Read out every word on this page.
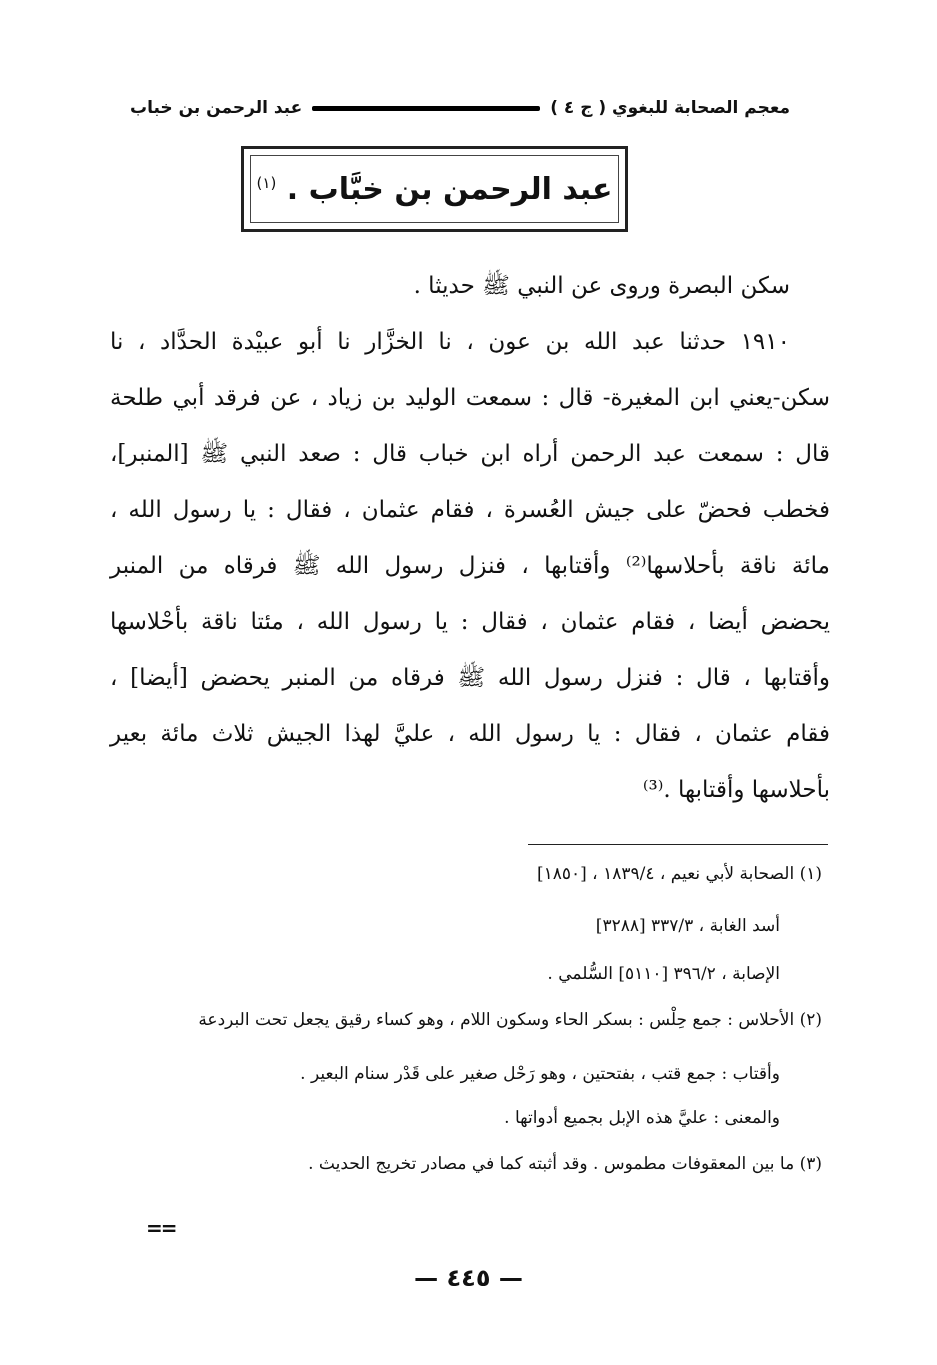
معجم الصحابة للبغوي ( ج ٤ )
عبد الرحمن بن خباب
عبد الرحمن بن خبَّاب . $^{(١)}$
سكن البصرة وروى عن النبي ﷺ حديثا .
١٩١٠ حدثنا عبد الله بن عون ، نا الخزَّار نا أبو عبيْدة الحدَّاد ، نا
سكن-يعني ابن المغيرة- قال : سمعت الوليد بن زياد ، عن فرقد أبي طلحة
قال : سمعت عبد الرحمن أراه ابن خباب قال : صعد النبي ﷺ [المنبر]،
فخطب فحضّ على جيش العُسرة ، فقام عثمان ، فقال : يا رسول الله ،
مائة ناقة بأحلاسها⁽²⁾ وأقتابها ، فنزل رسول الله ﷺ فرقاه من المنبر
يحضض أيضا ، فقام عثمان ، فقال : يا رسول الله ، مئتا ناقة بأحْلاسها
وأقتابها ، قال : فنزل رسول الله ﷺ فرقاه من المنبر يحضض [أيضا] ،
فقام عثمان ، فقال : يا رسول الله ، عليَّ لهذا الجيش ثلاث مائة بعير
بأحلاسها وأقتابها .⁽³⁾
(١) الصحابة لأبي نعيم ، ١٨٣٩/٤ ، [١٨٥٠]
أسد الغابة ، ٣٣٧/٣ [٣٢٨٨]
الإصابة ، ٣٩٦/٢ [٥١١٠] السُّلمي .
(٢) الأحلاس : جمع حِلْس : بسكر الحاء وسكون اللام ، وهو كساء رقيق يجعل تحت البردعة
وأقتاب : جمع قتب ، بفتحتين ، وهو رَحْل صغير على قَدْر سنام البعير .
والمعنى : عليَّ هذه الإبل بجميع أدواتها .
(٣) ما بين المعقوفات مطموس . وقد أثبته كما في مصادر تخريج الحديث .
==
— ٤٤٥ —
